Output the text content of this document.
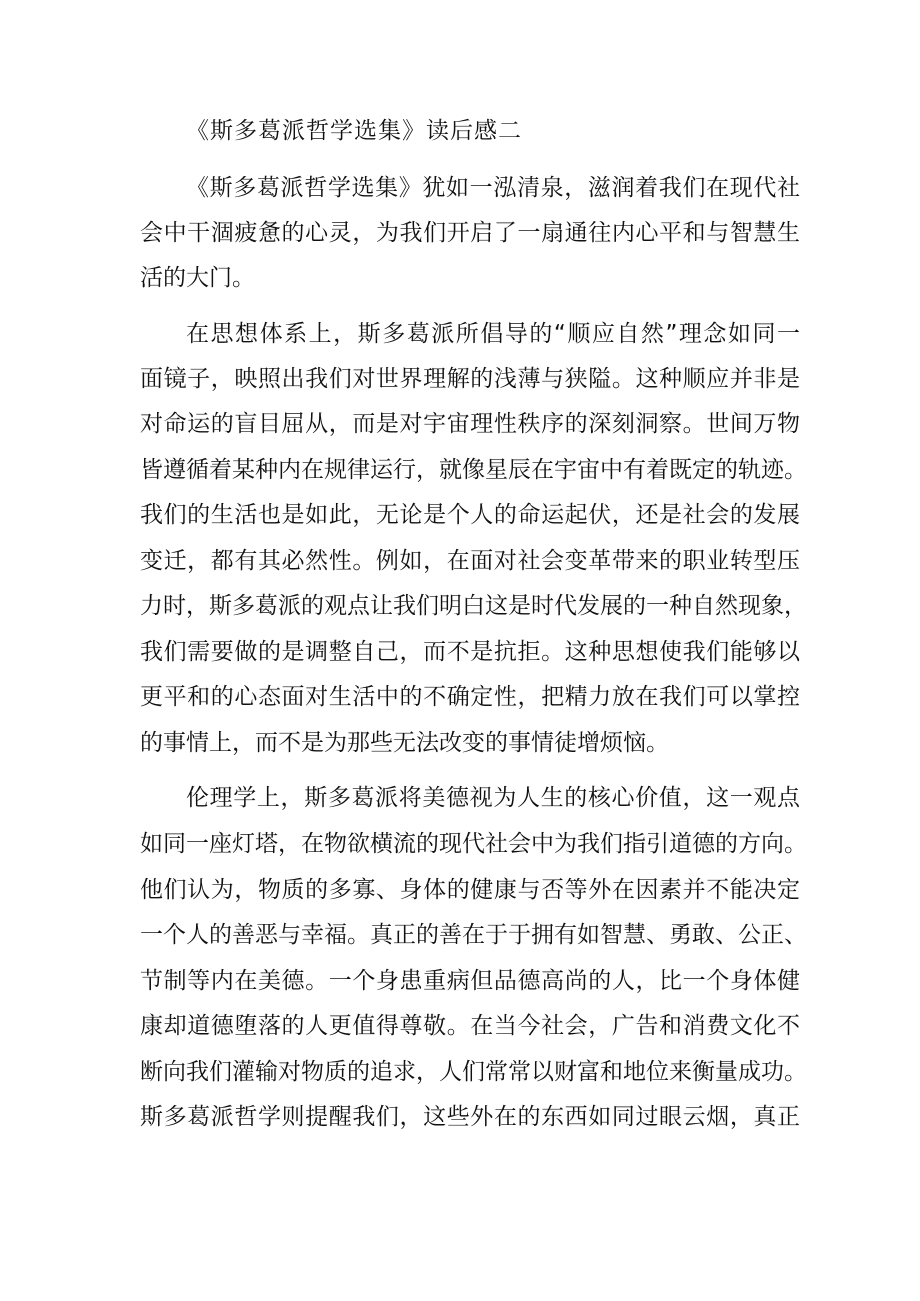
《斯多葛派哲学选集》读后感二
《斯多葛派哲学选集》犹如一泓清泉，滋润着我们在现代社
会中干涸疲惫的心灵，为我们开启了一扇通往内心平和与智慧生
活的大门。
在思想体系上，斯多葛派所倡导的“顺应自然”理念如同一
面镜子，映照出我们对世界理解的浅薄与狭隘。这种顺应并非是
对命运的盲目屈从，而是对宇宙理性秩序的深刻洞察。世间万物
皆遵循着某种内在规律运行，就像星辰在宇宙中有着既定的轨迹。
我们的生活也是如此，无论是个人的命运起伏，还是社会的发展
变迁，都有其必然性。例如，在面对社会变革带来的职业转型压
力时，斯多葛派的观点让我们明白这是时代发展的一种自然现象，
我们需要做的是调整自己，而不是抗拒。这种思想使我们能够以
更平和的心态面对生活中的不确定性，把精力放在我们可以掌控
的事情上，而不是为那些无法改变的事情徒增烦恼。
伦理学上，斯多葛派将美德视为人生的核心价值，这一观点
如同一座灯塔，在物欲横流的现代社会中为我们指引道德的方向。
他们认为，物质的多寡、身体的健康与否等外在因素并不能决定
一个人的善恶与幸福。真正的善在于于拥有如智慧、勇敢、公正、
节制等内在美德。一个身患重病但品德高尚的人，比一个身体健
康却道德堕落的人更值得尊敬。在当今社会，广告和消费文化不
断向我们灌输对物质的追求，人们常常以财富和地位来衡量成功。
斯多葛派哲学则提醒我们，这些外在的东西如同过眼云烟，真正
